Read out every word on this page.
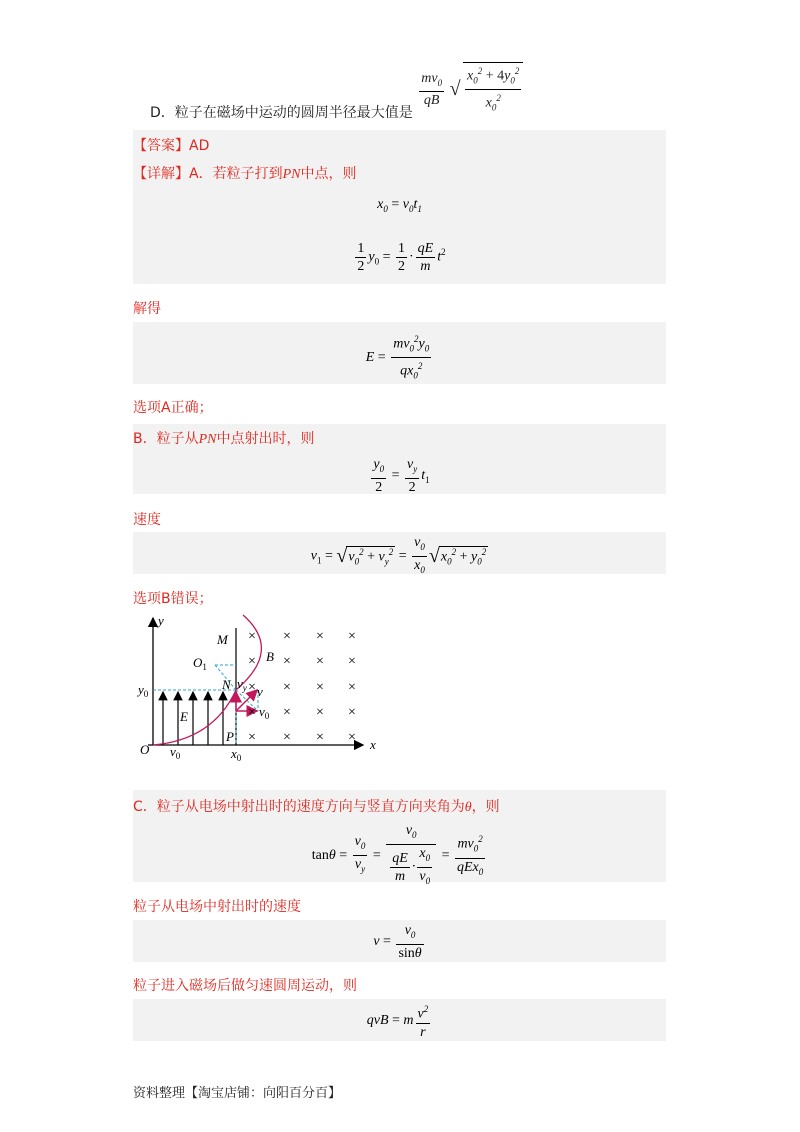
D．粒子在磁场中运动的圆周半径最大值是
$\frac{mv_0}{qB}$ √ $\frac{x_0^2 + 4y_0^2}{x_0^2}$
【答案】AD
【详解】A．若粒子打到PN中点，则
$x_0 = v_0t_1$
$\frac{1}{2} y_0 = \frac{1}{2} \cdot \frac{qE}{m} t^2$
解得
$E = \frac{mv_0^2y_0}{qx_0^2}$
选项A正确；
B．粒子从PN中点射出时，则
$\frac{y_0}{2} = \frac{v_y}{2} t_1$
速度
$v_1 = √v_0^2 + v_y^2 = \frac{v_0}{x_0} √x_0^2 + y_0^2$
选项B错误；
× × × ×
× × × ×
× × × ×
× × × ×
× × × ×
y
x
O
M
B
$O_1$
N $v_y$ v
$v_0$
$y_0$
E
P
$x_0$
$v_0$
C．粒子从电场中射出时的速度方向与竖直方向夹角为θ，则
$\tan\theta = \frac{v_0}{v_y} = \frac{v_0}{\frac{qE}{m} \cdot \frac{x_0}{v_0}} = \frac{mv_0^2}{qEx_0}$
粒子从电场中射出时的速度
$v = \frac{v_0}{\sin\theta}$
粒子进入磁场后做匀速圆周运动，则
qvB = m $\frac{v^2}{r}$
资料整理【淘宝店铺：向阳百分百】
